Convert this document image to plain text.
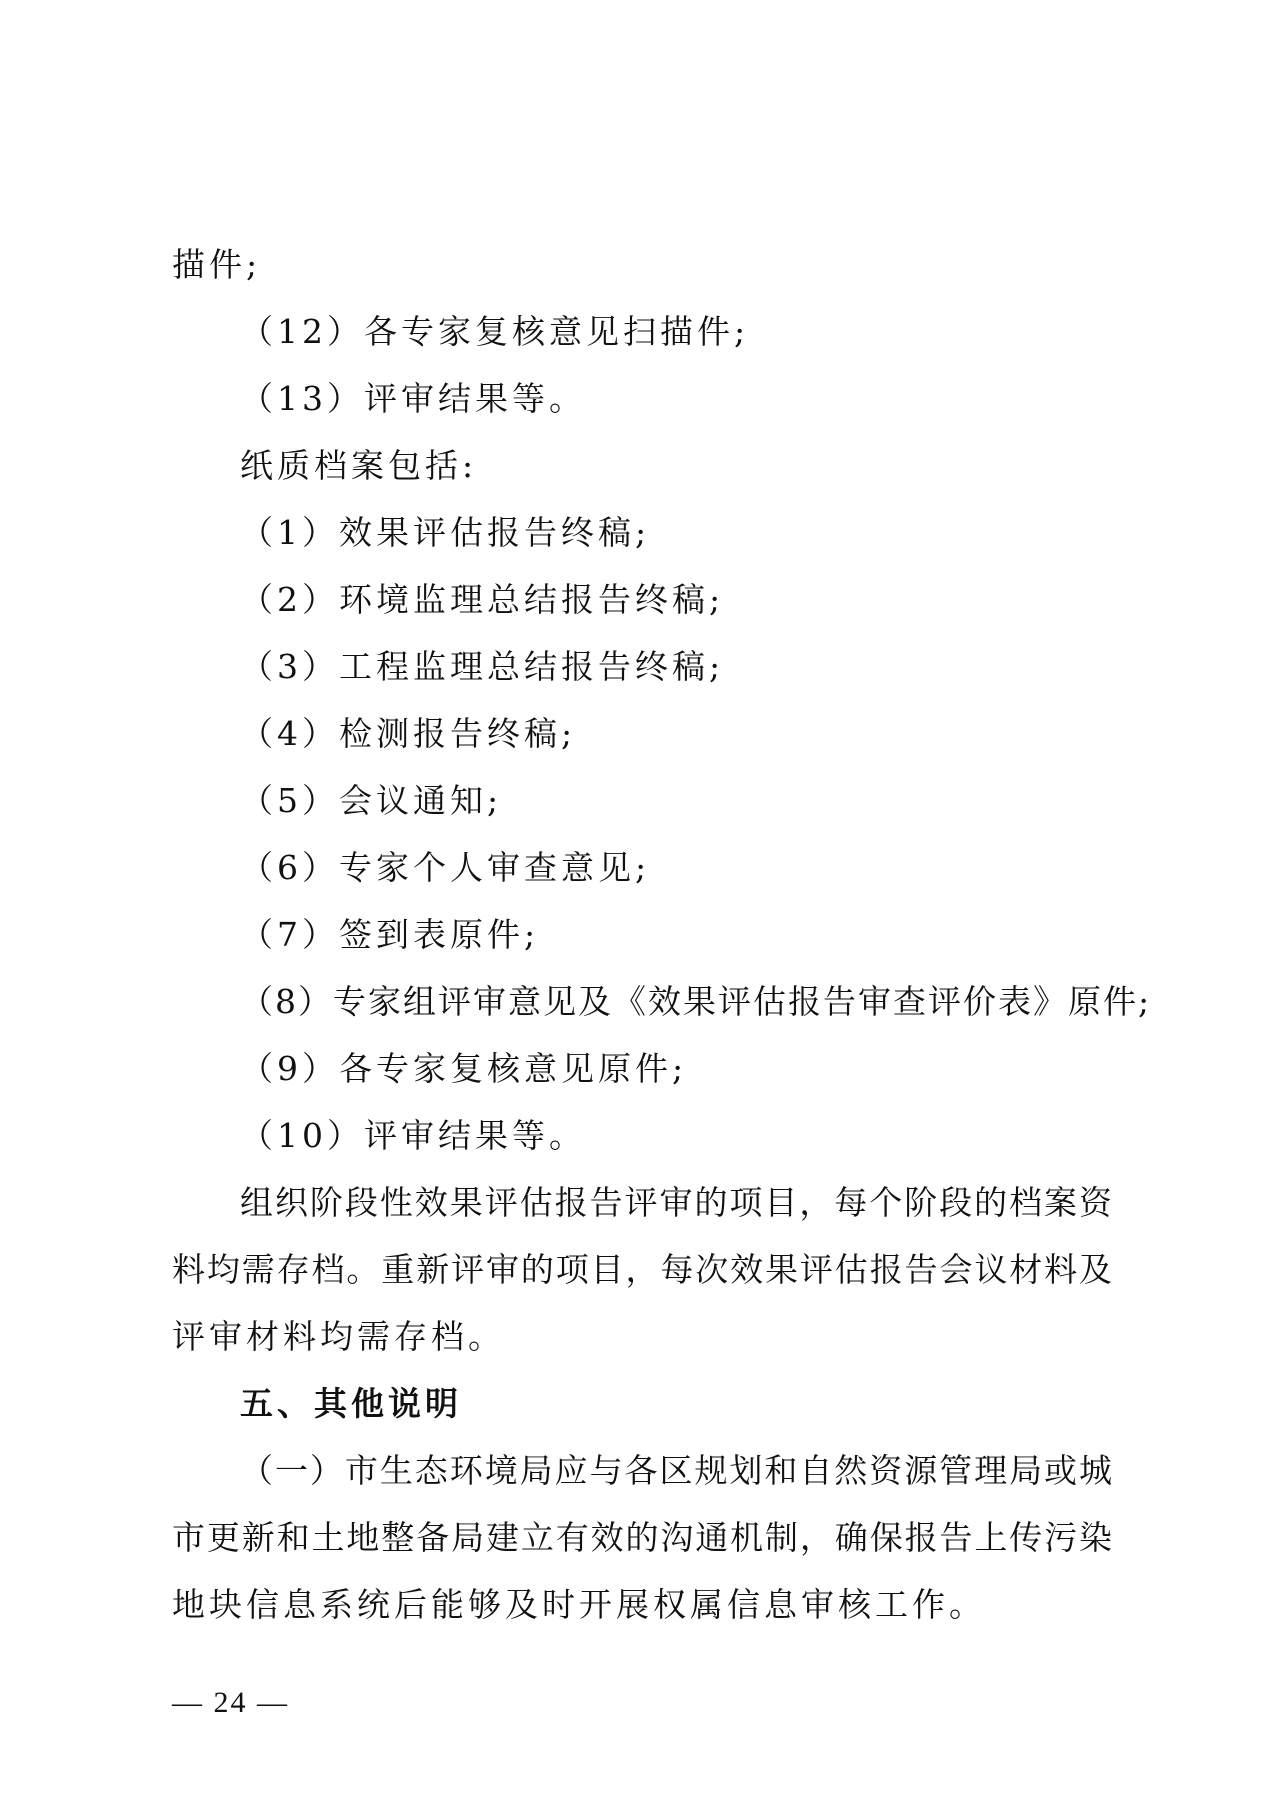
描件;

（12）各专家复核意见扫描件;

（13）评审结果等。

纸质档案包括:

（1）效果评估报告终稿;

（2）环境监理总结报告终稿;

（3）工程监理总结报告终稿;

（4）检测报告终稿;

（5）会议通知;

（6）专家个人审查意见;

（7）签到表原件;

（8）专家组评审意见及《效果评估报告审查评价表》原件;

（9）各专家复核意见原件;

（10）评审结果等。

组织阶段性效果评估报告评审的项目，每个阶段的档案资

料均需存档。重新评审的项目，每次效果评估报告会议材料及

评审材料均需存档。

五、其他说明

（一）市生态环境局应与各区规划和自然资源管理局或城

市更新和土地整备局建立有效的沟通机制，确保报告上传污染

地块信息系统后能够及时开展权属信息审核工作。

— 24 —
